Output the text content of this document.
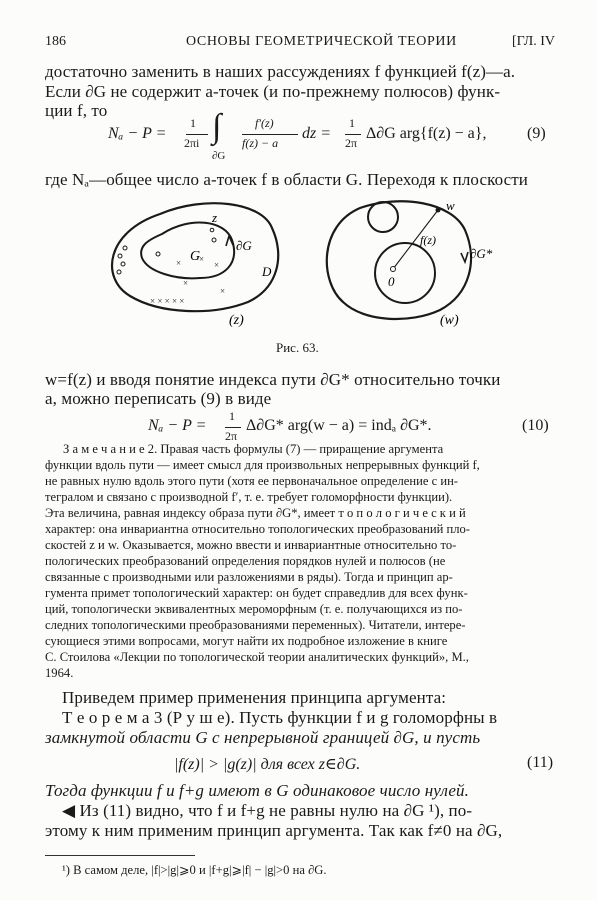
186	ОСНОВЫ ГЕОМЕТРИЧЕСКОЙ ТЕОРИИ	[ГЛ. IV
достаточно заменить в наших рассуждениях f функцией f(z)—a.
Если ∂G не содержит a-точек (и по-прежнему полюсов) функ-
ции f, то
Nₐ − P =
1
2πi ∫
∂G
f′(z)
f(z) − a
dz =
1
2π
Δ∂G arg{f(z) − a},	(9)
где Nₐ—общее число a-точек f в области G. Переходя к плоскости
× ×
×
×
×
× × × × ×
z
G
∂G
D
(z)
w
f(z)
0
∂G*
(w)
Рис. 63.
w=f(z) и вводя понятие индекса пути ∂G* относительно точки
a, можно переписать (9) в виде
Nₐ − P =
1
2π
Δ∂G* arg(w − a) = indₐ ∂G*.	(10)
З а м е ч а н и е 2. Правая часть формулы (7) — приращение аргумента
функции вдоль пути — имеет смысл для произвольных непрерывных функций f,
не равных нулю вдоль этого пути (хотя ее первоначальное определение с ин-
тегралом и связано с производной f′, т. е. требует голоморфности функции).
Эта величина, равная индексу образа пути ∂G*, имеет т о п о л о г и ч е с к и й
характер: она инвариантна относительно топологических преобразований пло-
скостей z и w. Оказывается, можно ввести и инвариантные относительно то-
пологических преобразований определения порядков нулей и полюсов (не
связанные с производными или разложениями в ряды). Тогда и принцип ар-
гумента примет топологический характер: он будет справедлив для всех функ-
ций, топологически эквивалентных мероморфным (т. е. получающихся из по-
следних топологическими преобразованиями переменных). Читатели, интере-
сующиеся этими вопросами, могут найти их подробное изложение в книге
С. Стоилова «Лекции по топологической теории аналитических функций», М.,
1964.
Приведем пример применения принципа аргумента:
Т е о р е м а 3 (Р у ш е). Пусть функции f и g голоморфны в
замкнутой области G с непрерывной границей ∂G, и пусть
|f(z)| > |g(z)| для всех z∈∂G.	(11)
Тогда функции f и f+g имеют в G одинаковое число нулей.
◀ Из (11) видно, что f и f+g не равны нулю на ∂G ¹), по-
этому к ним применим принцип аргумента. Так как f≠0 на ∂G,
¹) В самом деле, |f|>|g|⩾0 и |f+g|⩾|f| − |g|>0 на ∂G.
